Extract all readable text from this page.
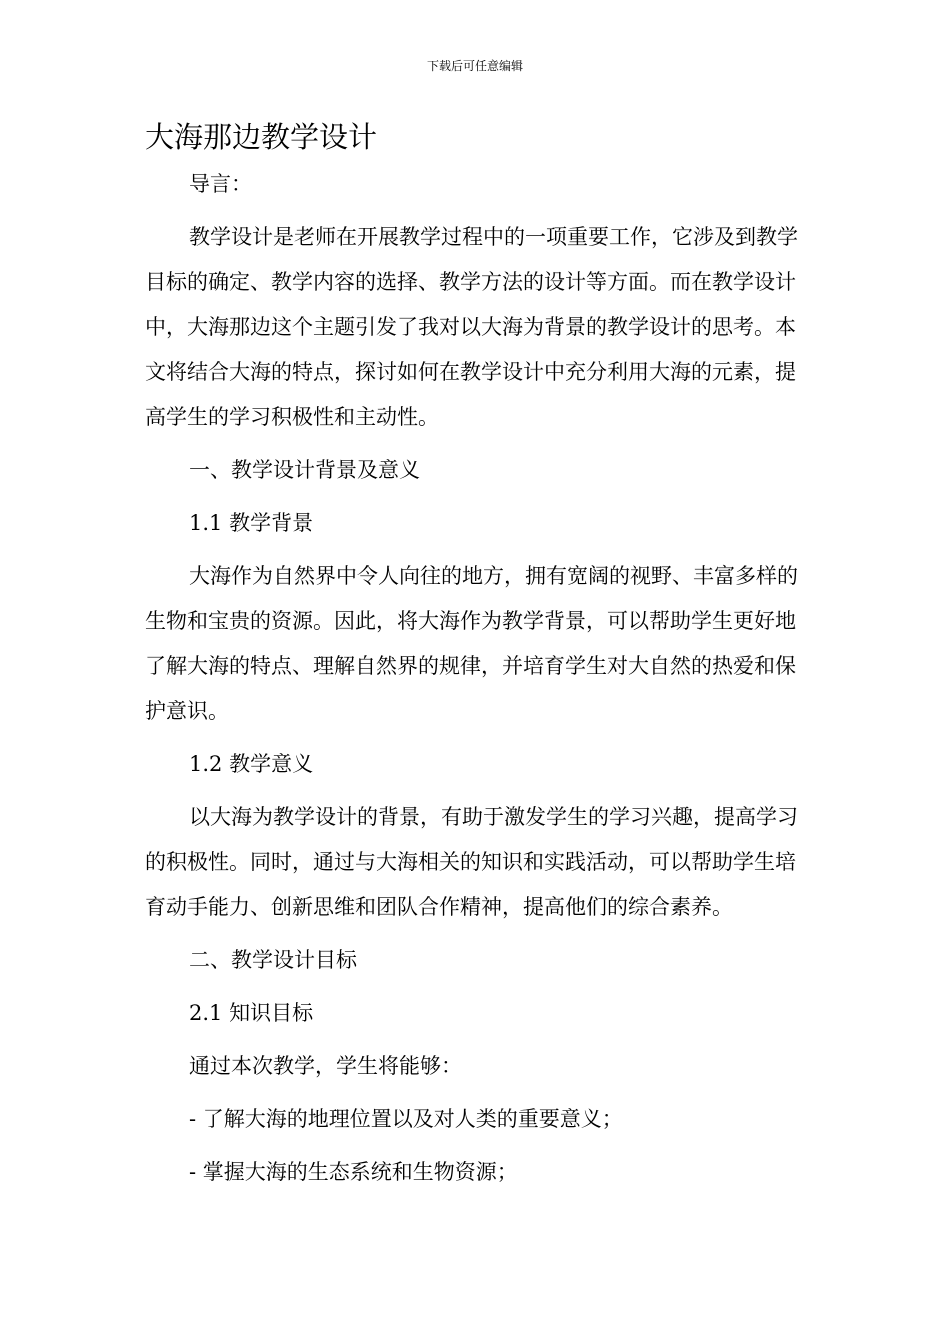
下载后可任意编辑
大海那边教学设计

导言：

教学设计是老师在开展教学过程中的一项重要工作，它涉及到教学目标的确定、教学内容的选择、教学方法的设计等方面。而在教学设计中，大海那边这个主题引发了我对以大海为背景的教学设计的思考。本文将结合大海的特点，探讨如何在教学设计中充分利用大海的元素，提高学生的学习积极性和主动性。

一、教学设计背景及意义

1.1 教学背景

大海作为自然界中令人向往的地方，拥有宽阔的视野、丰富多样的生物和宝贵的资源。因此，将大海作为教学背景，可以帮助学生更好地了解大海的特点、理解自然界的规律，并培育学生对大自然的热爱和保护意识。

1.2 教学意义

以大海为教学设计的背景，有助于激发学生的学习兴趣，提高学习的积极性。同时，通过与大海相关的知识和实践活动，可以帮助学生培育动手能力、创新思维和团队合作精神，提高他们的综合素养。

二、教学设计目标

2.1 知识目标

通过本次教学，学生将能够：

- 了解大海的地理位置以及对人类的重要意义；

- 掌握大海的生态系统和生物资源；
